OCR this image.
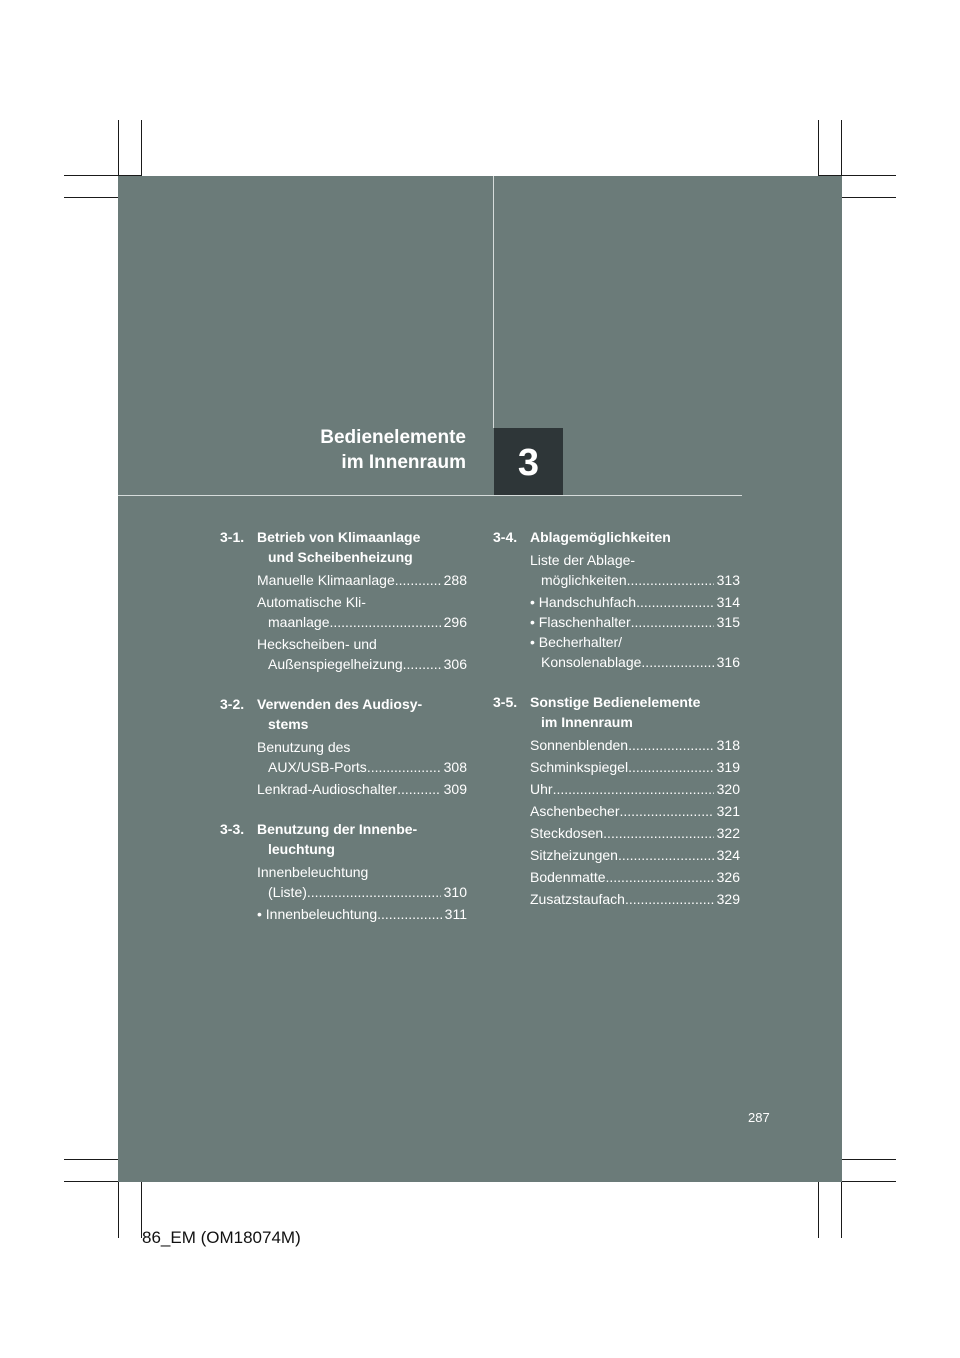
Bedienelemente
im Innenraum	3
3-1. Betrieb von Klimaanlage
und Scheibenheizung
Manuelle Klimaanlage .....	288
Automatische Kli-
maanlage .....	296
Heckscheiben- und
Außenspiegelheizung .....	306
3-2. Verwenden des Audiosy-
stems
Benutzung des
AUX/USB-Ports .....	308
Lenkrad-Audioschalter .....	309
3-3. Benutzung der Innenbe-
leuchtung
Innenbeleuchtung
(Liste) .....	310
• Innenbeleuchtung .....	311
3-4. Ablagemöglichkeiten
Liste der Ablage-
möglichkeiten .....	313
• Handschuhfach .....	314
• Flaschenhalter .....	315
• Becherhalter/
Konsolenablage .....	316
3-5. Sonstige Bedienelemente
im Innenraum
Sonnenblenden .....	318
Schminkspiegel .....	319
Uhr .....	320
Aschenbecher .....	321
Steckdosen .....	322
Sitzheizungen .....	324
Bodenmatte .....	326
Zusatzstaufach .....	329
287
86_EM (OM18074M)
